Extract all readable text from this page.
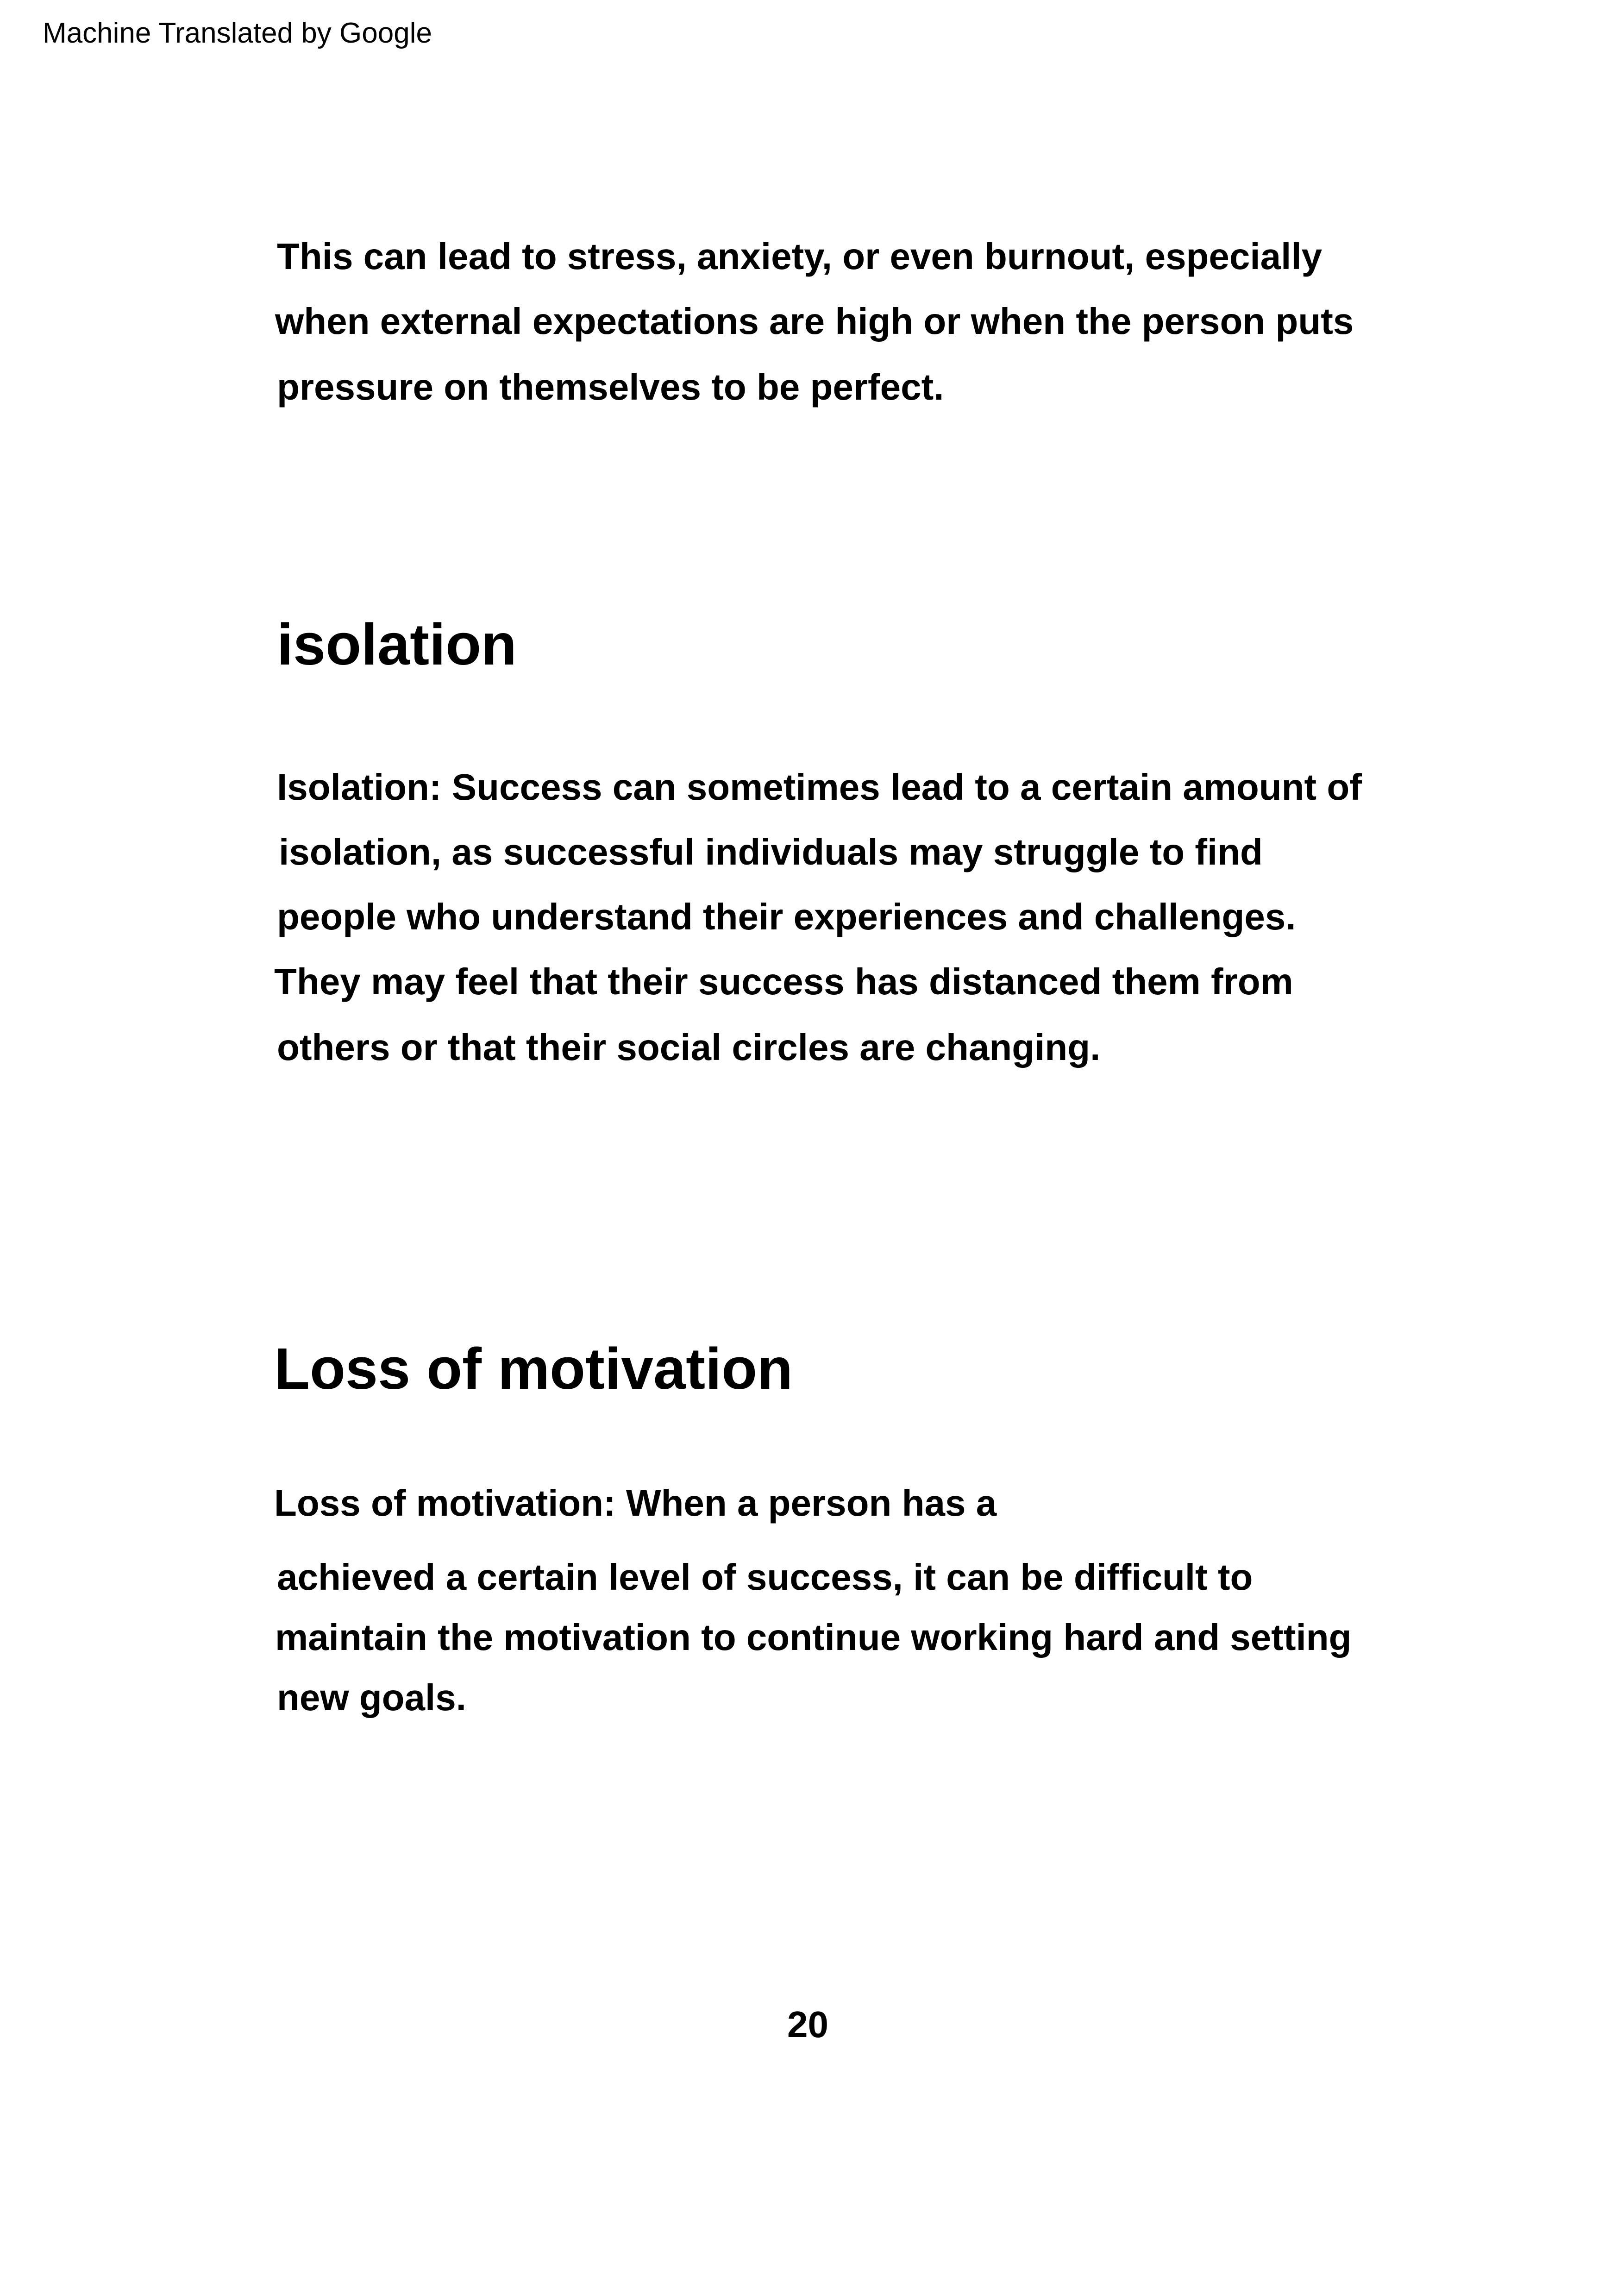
Machine Translated by Google

This can lead to stress, anxiety, or even burnout, especially

when external expectations are high or when the person puts

pressure on themselves to be perfect.

isolation

Isolation: Success can sometimes lead to a certain amount of

isolation, as successful individuals may struggle to find

people who understand their experiences and challenges.

They may feel that their success has distanced them from

others or that their social circles are changing.

Loss of motivation

Loss of motivation: When a person has a

achieved a certain level of success, it can be difficult to

maintain the motivation to continue working hard and setting

new goals.

20
